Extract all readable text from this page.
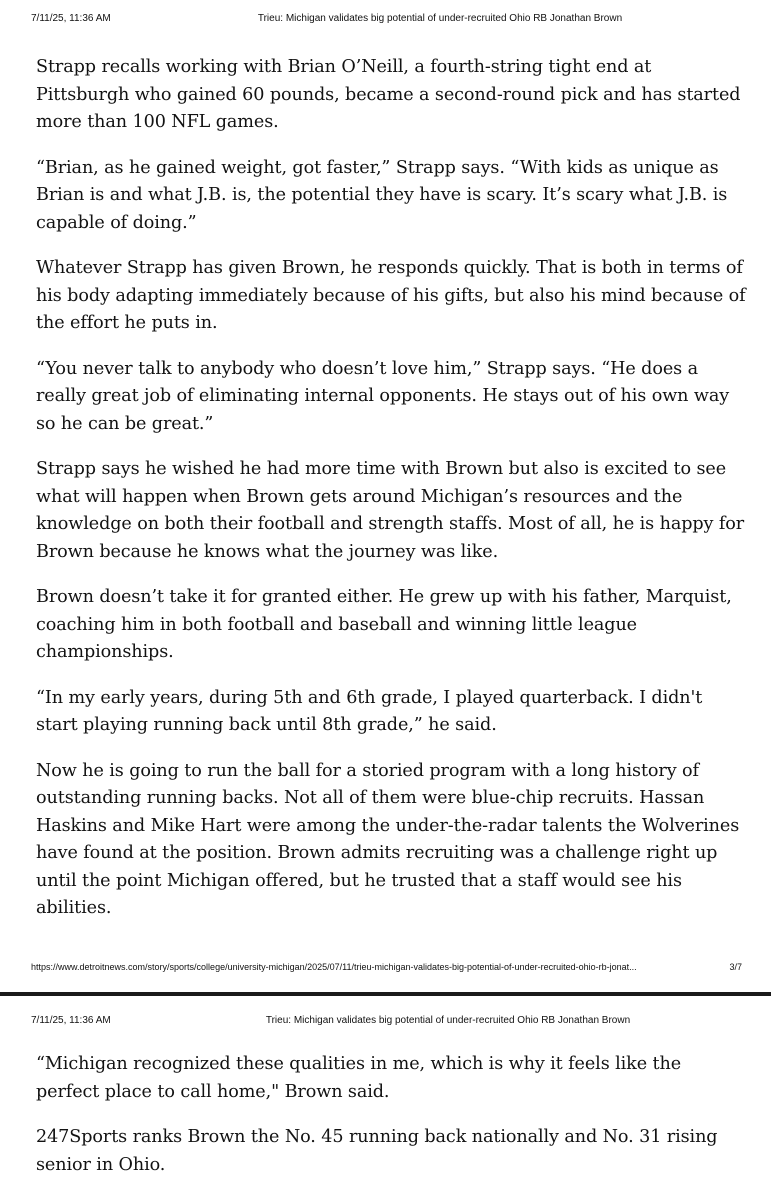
7/11/25, 11:36 AM	Trieu: Michigan validates big potential of under-recruited Ohio RB Jonathan Brown

Strapp recalls working with Brian O’Neill, a fourth-string tight end at Pittsburgh who gained 60 pounds, became a second-round pick and has started more than 100 NFL games.

“Brian, as he gained weight, got faster,” Strapp says. “With kids as unique as Brian is and what J.B. is, the potential they have is scary. It’s scary what J.B. is capable of doing.”

Whatever Strapp has given Brown, he responds quickly. That is both in terms of his body adapting immediately because of his gifts, but also his mind because of the effort he puts in.

“You never talk to anybody who doesn’t love him,” Strapp says. “He does a really great job of eliminating internal opponents. He stays out of his own way so he can be great.”

Strapp says he wished he had more time with Brown but also is excited to see what will happen when Brown gets around Michigan’s resources and the knowledge on both their football and strength staffs. Most of all, he is happy for Brown because he knows what the journey was like.

Brown doesn’t take it for granted either. He grew up with his father, Marquist, coaching him in both football and baseball and winning little league championships.

“In my early years, during 5th and 6th grade, I played quarterback. I didn't start playing running back until 8th grade,” he said.

Now he is going to run the ball for a storied program with a long history of outstanding running backs. Not all of them were blue-chip recruits. Hassan Haskins and Mike Hart were among the under-the-radar talents the Wolverines have found at the position. Brown admits recruiting was a challenge right up until the point Michigan offered, but he trusted that a staff would see his abilities.

https://www.detroitnews.com/story/sports/college/university-michigan/2025/07/11/trieu-michigan-validates-big-potential-of-under-recruited-ohio-rb-jonat...	3/7
7/11/25, 11:36 AM	Trieu: Michigan validates big potential of under-recruited Ohio RB Jonathan Brown

“Michigan recognized these qualities in me, which is why it feels like the perfect place to call home," Brown said.

247Sports ranks Brown the No. 45 running back nationally and No. 31 rising senior in Ohio.
